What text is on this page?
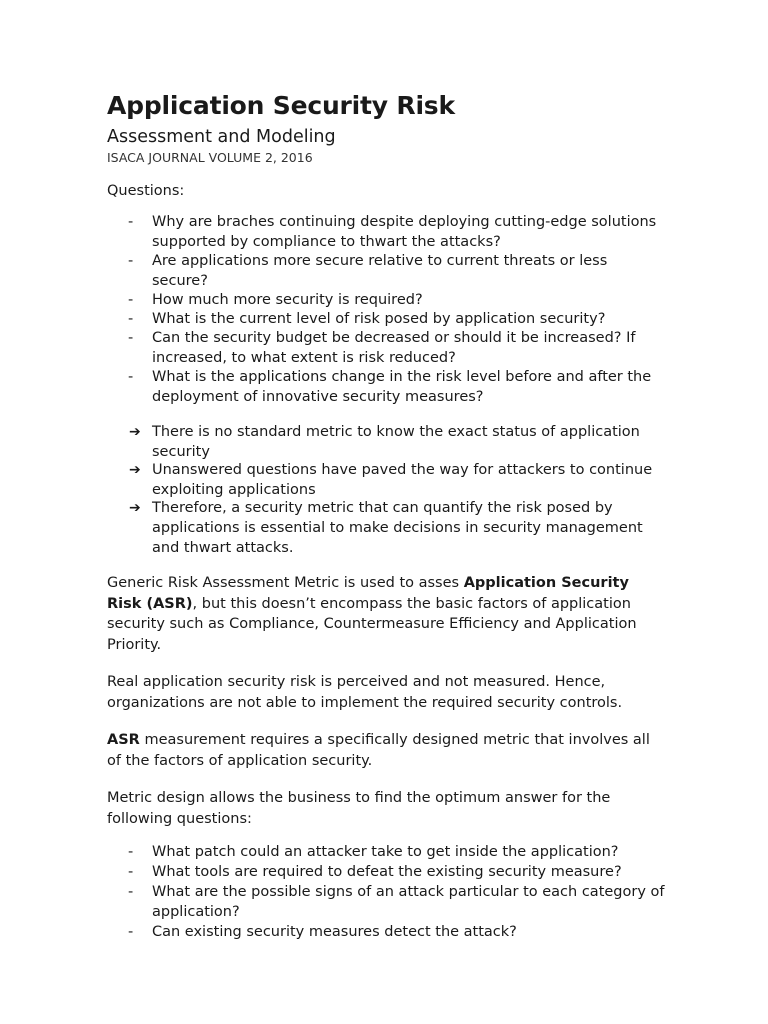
Application Security Risk
Assessment and Modeling
ISACA JOURNAL VOLUME 2, 2016
Questions:
- Why are braches continuing despite deploying cutting-edge solutions supported by compliance to thwart the attacks?
- Are applications more secure relative to current threats or less secure?
- How much more security is required?
- What is the current level of risk posed by application security?
- Can the security budget be decreased or should it be increased? If increased, to what extent is risk reduced?
- What is the applications change in the risk level before and after the deployment of innovative security measures?
➔ There is no standard metric to know the exact status of application security
➔ Unanswered questions have paved the way for attackers to continue exploiting applications
➔ Therefore, a security metric that can quantify the risk posed by applications is essential to make decisions in security management and thwart attacks.

Generic Risk Assessment Metric is used to asses Application Security Risk (ASR), but this doesn’t encompass the basic factors of application security such as Compliance, Countermeasure Efficiency and Application Priority.

Real application security risk is perceived and not measured. Hence, organizations are not able to implement the required security controls.

ASR measurement requires a specifically designed metric that involves all of the factors of application security.

Metric design allows the business to find the optimum answer for the following questions:

- What patch could an attacker take to get inside the application?
- What tools are required to defeat the existing security measure?
- What are the possible signs of an attack particular to each category of application?
- Can existing security measures detect the attack?
